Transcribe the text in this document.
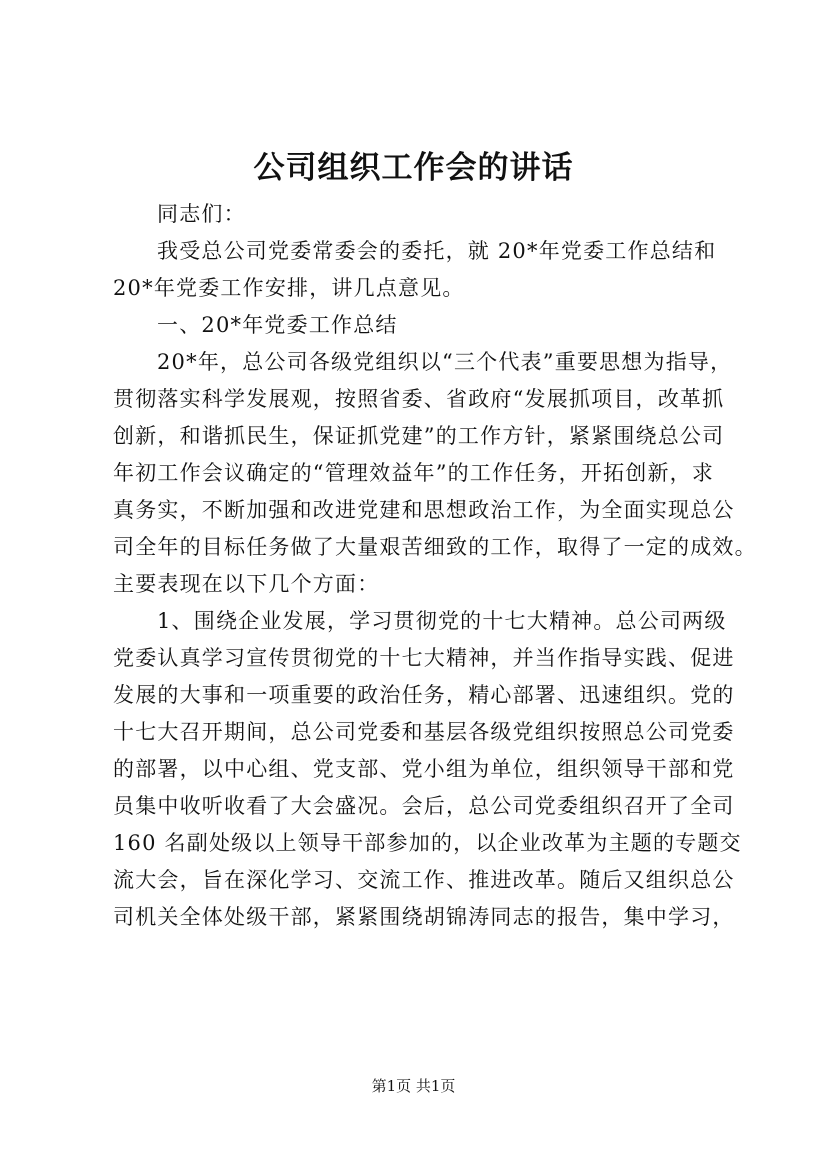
公司组织工作会的讲话
同志们：
我受总公司党委常委会的委托，就 20*年党委工作总结和
20*年党委工作安排，讲几点意见。
一、20*年党委工作总结
20*年，总公司各级党组织以“三个代表”重要思想为指导，
贯彻落实科学发展观，按照省委、省政府“发展抓项目，改革抓
创新，和谐抓民生，保证抓党建”的工作方针，紧紧围绕总公司
年初工作会议确定的“管理效益年”的工作任务，开拓创新，求
真务实，不断加强和改进党建和思想政治工作，为全面实现总公
司全年的目标任务做了大量艰苦细致的工作，取得了一定的成效。
主要表现在以下几个方面：
1、围绕企业发展，学习贯彻党的十七大精神。总公司两级
党委认真学习宣传贯彻党的十七大精神，并当作指导实践、促进
发展的大事和一项重要的政治任务，精心部署、迅速组织。党的
十七大召开期间，总公司党委和基层各级党组织按照总公司党委
的部署，以中心组、党支部、党小组为单位，组织领导干部和党
员集中收听收看了大会盛况。会后，总公司党委组织召开了全司
160 名副处级以上领导干部参加的，以企业改革为主题的专题交
流大会，旨在深化学习、交流工作、推进改革。随后又组织总公
司机关全体处级干部，紧紧围绕胡锦涛同志的报告，集中学习，
第1页 共1页
